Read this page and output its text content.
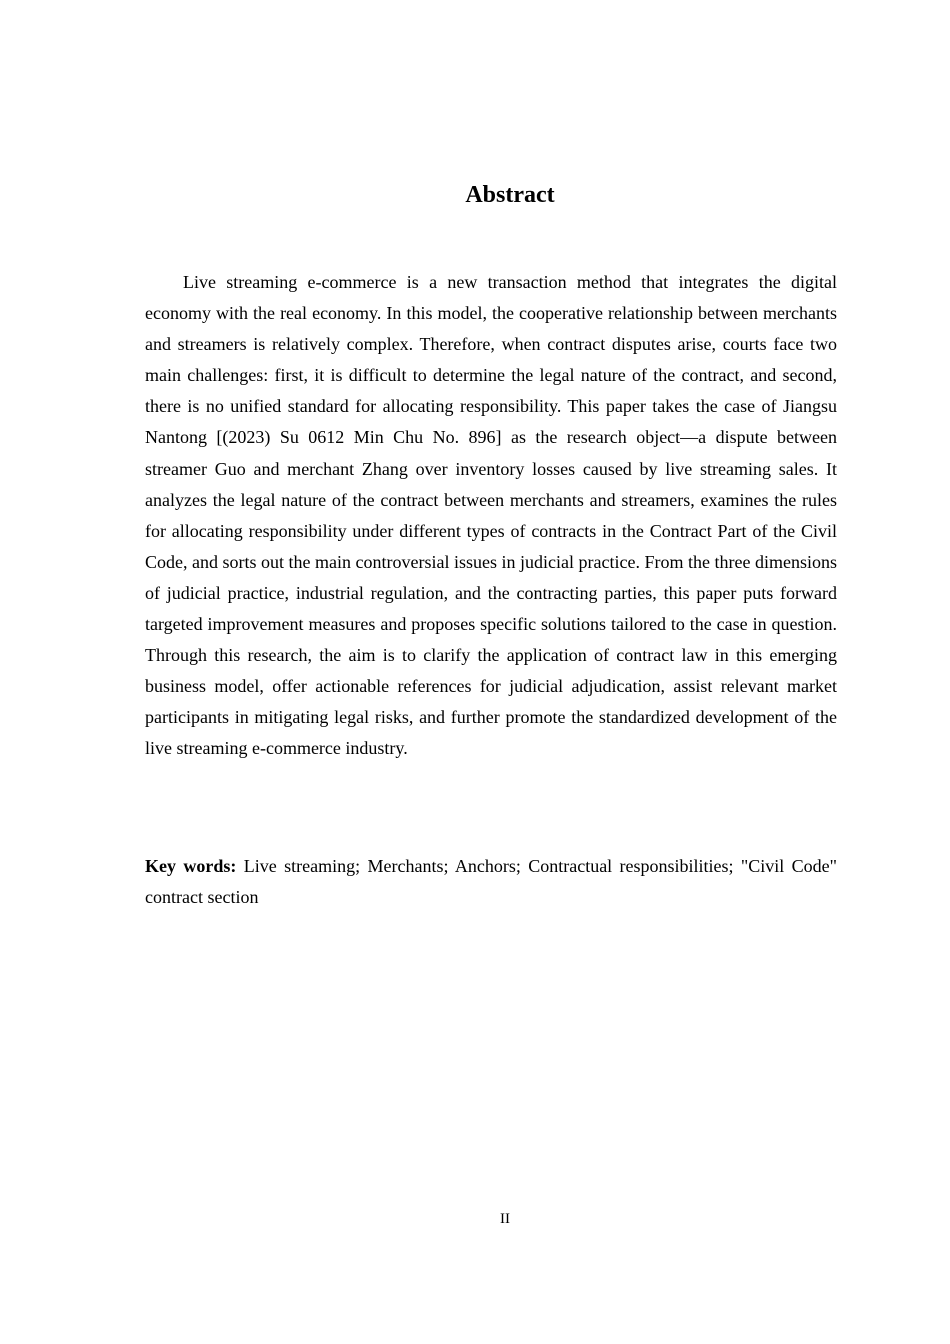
Abstract

Live streaming e-commerce is a new transaction method that integrates the digital economy with the real economy. In this model, the cooperative relationship between merchants and streamers is relatively complex. Therefore, when contract disputes arise, courts face two main challenges: first, it is difficult to determine the legal nature of the contract, and second, there is no unified standard for allocating responsibility. This paper takes the case of Jiangsu Nantong [(2023) Su 0612 Min Chu No. 896] as the research object—a dispute between streamer Guo and merchant Zhang over inventory losses caused by live streaming sales. It analyzes the legal nature of the contract between merchants and streamers, examines the rules for allocating responsibility under different types of contracts in the Contract Part of the Civil Code, and sorts out the main controversial issues in judicial practice. From the three dimensions of judicial practice, industrial regulation, and the contracting parties, this paper puts forward targeted improvement measures and proposes specific solutions tailored to the case in question. Through this research, the aim is to clarify the application of contract law in this emerging business model, offer actionable references for judicial adjudication, assist relevant market participants in mitigating legal risks, and further promote the standardized development of the live streaming e-commerce industry.

Key words: Live streaming; Merchants; Anchors; Contractual responsibilities; "Civil Code" contract section

II
